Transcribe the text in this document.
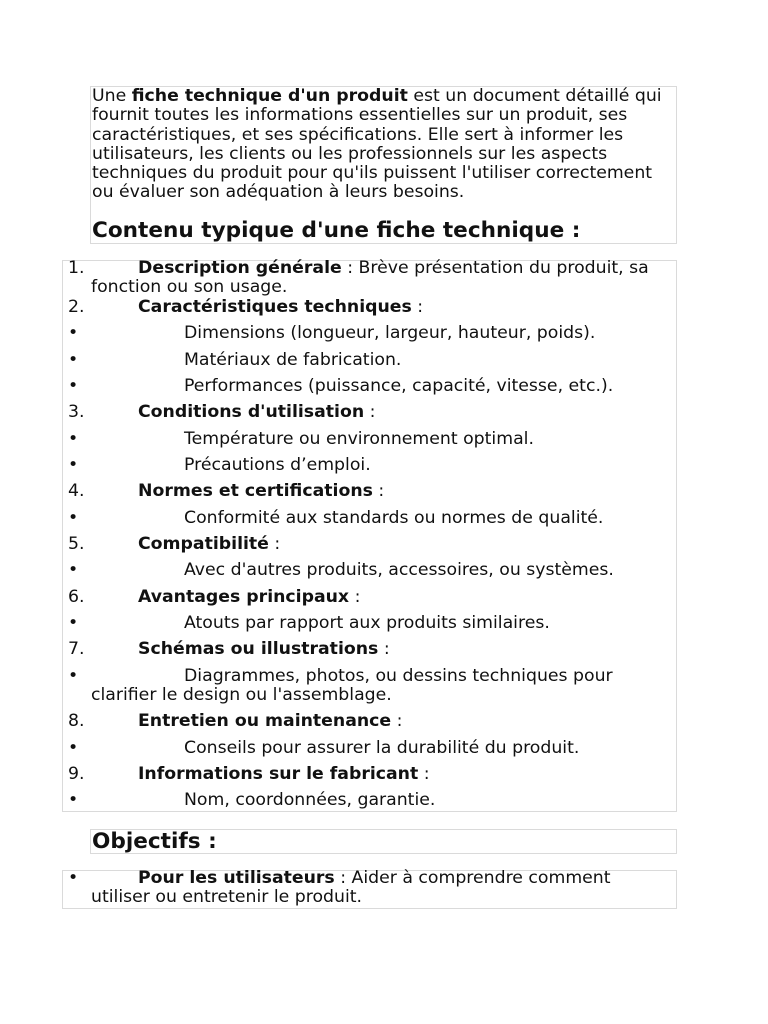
Une fiche technique d'un produit est un document détaillé qui fournit toutes les informations essentielles sur un produit, ses caractéristiques, et ses spécifications. Elle sert à informer les utilisateurs, les clients ou les professionnels sur les aspects techniques du produit pour qu'ils puissent l'utiliser correctement ou évaluer son adéquation à leurs besoins.

Contenu typique d'une fiche technique :

1.	Description générale : Brève présentation du produit, sa fonction ou son usage.

2.	Caractéristiques techniques :

•	Dimensions (longueur, largeur, hauteur, poids).

•	Matériaux de fabrication.

•	Performances (puissance, capacité, vitesse, etc.).

3.	Conditions d'utilisation :

•	Température ou environnement optimal.

•	Précautions d’emploi.

4.	Normes et certifications :

•	Conformité aux standards ou normes de qualité.

5.	Compatibilité :

•	Avec d'autres produits, accessoires, ou systèmes.

6.	Avantages principaux :

•	Atouts par rapport aux produits similaires.

7.	Schémas ou illustrations :

•	Diagrammes, photos, ou dessins techniques pour clarifier le design ou l'assemblage.

8.	Entretien ou maintenance :

•	Conseils pour assurer la durabilité du produit.

9.	Informations sur le fabricant :

•	Nom, coordonnées, garantie.

Objectifs :

•	Pour les utilisateurs : Aider à comprendre comment utiliser ou entretenir le produit.
